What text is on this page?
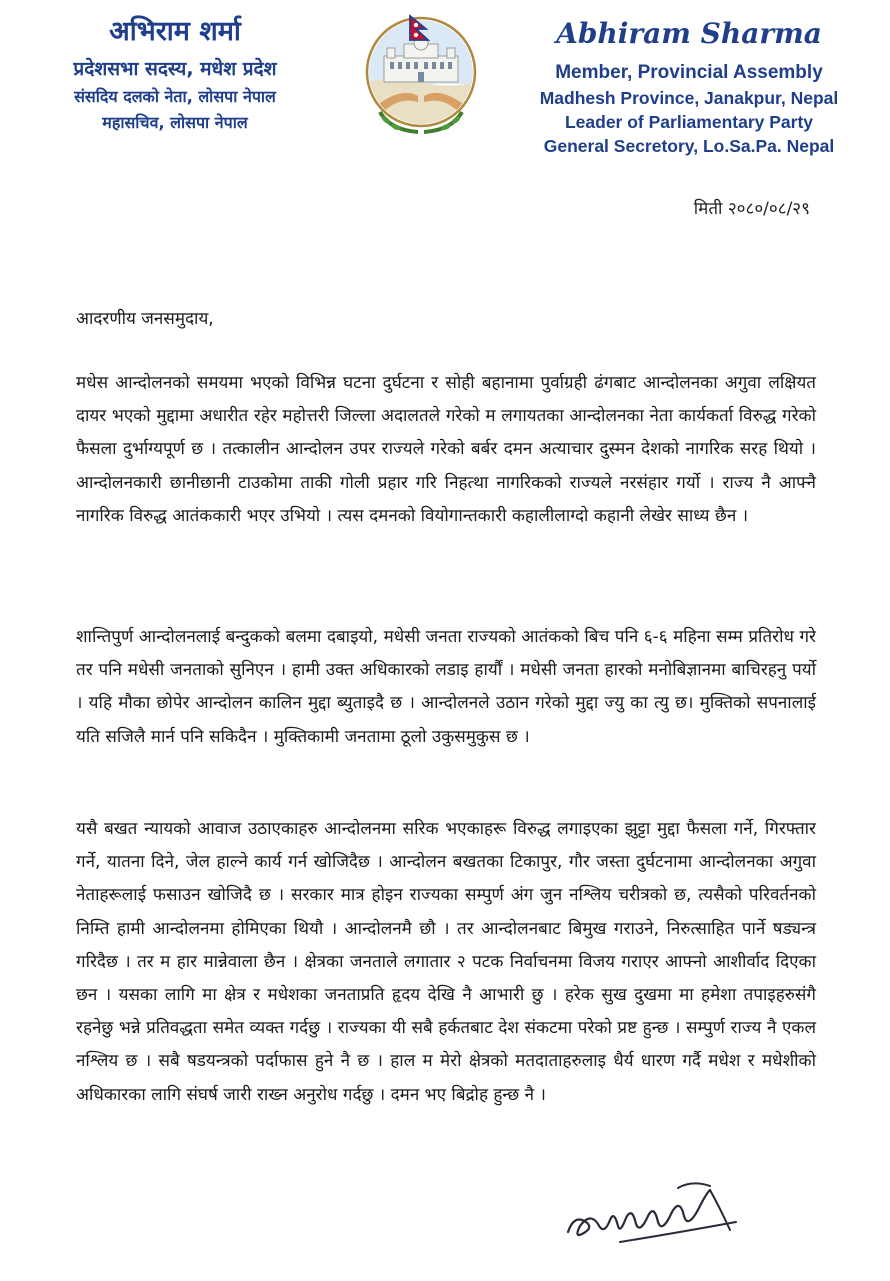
अभिराम शर्मा
प्रदेशसभा सदस्य, मधेश प्रदेश
संसदिय दलको नेता, लोसपा नेपाल
महासचिव, लोसपा नेपाल
Abhiram Sharma
Member, Provincial Assembly
Madhesh Province, Janakpur, Nepal
Leader of Parliamentary Party
General Secretory, Lo.Sa.Pa. Nepal
मिती २०८०/०८/२९
आदरणीय जनसमुदाय,
मधेस आन्दोलनको समयमा भएको विभिन्न घटना दुर्घटना र सोही बहानामा पुर्वाग्रही ढंगबाट आन्दोलनका अगुवा लक्षियत दायर भएको मुद्दामा अधारीत रहेर महोत्तरी जिल्ला अदालतले गरेको म लगायतका आन्दोलनका नेता कार्यकर्ता विरुद्ध गरेको फैसला दुर्भाग्यपूर्ण छ । तत्कालीन आन्दोलन उपर राज्यले गरेको बर्बर दमन अत्याचार दुस्मन देशको नागरिक सरह थियो । आन्दोलनकारी छानीछानी टाउकोमा ताकी गोली प्रहार गरि निहत्था नागरिकको राज्यले नरसंहार गर्यो । राज्य नै आफ्नै नागरिक विरुद्ध आतंककारी भएर उभियो । त्यस दमनको वियोगान्तकारी कहालीलाग्दो कहानी लेखेर साध्य छैन ।
शान्तिपुर्ण आन्दोलनलाई बन्दुकको बलमा दबाइयो, मधेसी जनता राज्यको आतंकको बिच पनि ६-६ महिना सम्म प्रतिरोध गरे तर पनि मधेसी जनताको सुनिएन । हामी उक्त अधिकारको लडाइ हार्यौं । मधेसी जनता हारको मनोबिज्ञानमा बाचिरहनु पर्यो । यहि मौका छोपेर आन्दोलन कालिन मुद्दा ब्युताइदै छ । आन्दोलनले उठान गरेको मुद्दा ज्यु का त्यु छ। मुक्तिको सपनालाई यति सजिलै मार्न पनि सकिदैन । मुक्तिकामी जनतामा ठूलो उकुसमुकुस छ ।
यसै बखत न्यायको आवाज उठाएकाहरु आन्दोलनमा सरिक भएकाहरू विरुद्ध लगाइएका झुट्टा मुद्दा फैसला गर्ने, गिरफ्तार गर्ने, यातना दिने, जेल हाल्ने कार्य गर्न खोजिदैछ । आन्दोलन बखतका टिकापुर, गौर जस्ता दुर्घटनामा आन्दोलनका अगुवा नेताहरूलाई फसाउन खोजिदै छ । सरकार मात्र होइन राज्यका सम्पुर्ण अंग जुन नश्लिय चरीत्रको छ, त्यसैको परिवर्तनको निम्ति हामी आन्दोलनमा होमिएका थियौ । आन्दोलनमै छौ । तर आन्दोलनबाट बिमुख गराउने, निरुत्साहित पार्ने षड्यन्त्र गरिदैछ । तर म हार मान्नेवाला छैन । क्षेत्रका जनताले लगातार २ पटक निर्वाचनमा विजय गराएर आफ्नो आशीर्वाद दिएका छन । यसका लागि मा क्षेत्र र मधेशका जनताप्रति हृदय देखि नै आभारी छु । हरेक सुख दुखमा मा हमेशा तपाइहरुसंगै रहनेछु भन्ने प्रतिवद्धता समेत व्यक्त गर्दछु । राज्यका यी सबै हर्कतबाट देश संकटमा परेको प्रष्ट हुन्छ । सम्पुर्ण राज्य नै एकल नश्लिय छ । सबै षडयन्त्रको पर्दाफास हुने नै छ । हाल म मेरो क्षेत्रको मतदाताहरुलाइ धैर्य धारण गर्दै मधेश र मधेशीको अधिकारका लागि संघर्ष जारी राख्न अनुरोध गर्दछु । दमन भए बिद्रोह हुन्छ नै ।
